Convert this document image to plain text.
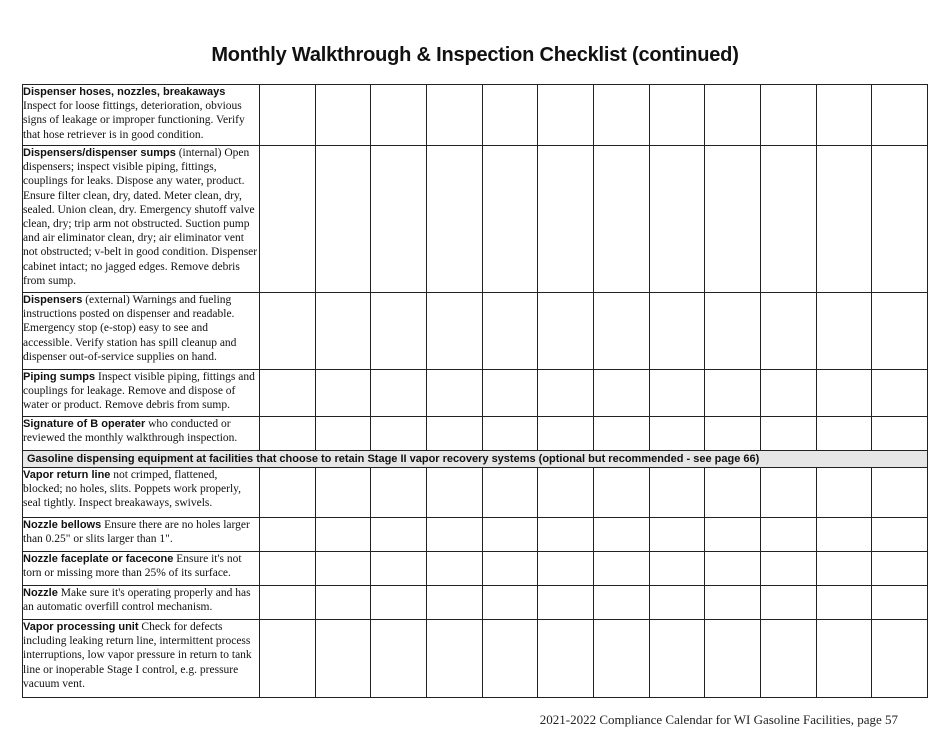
Monthly Walkthrough & Inspection Checklist (continued)
Dispenser hoses, nozzles, breakaways
Inspect for loose fittings, deterioration, obvious signs of leakage or improper functioning. Verify that hose retriever is in good condition.												
Dispensers/dispenser sumps (internal) Open dispensers; inspect visible piping, fittings, couplings for leaks. Dispose any water, product. Ensure filter clean, dry, dated. Meter clean, dry, sealed. Union clean, dry. Emergency shutoff valve clean, dry; trip arm not obstructed. Suction pump and air eliminator clean, dry; air eliminator vent not obstructed; v-belt in good condition. Dispenser cabinet intact; no jagged edges. Remove debris from sump.												
Dispensers (external) Warnings and fueling instructions posted on dispenser and readable. Emergency stop (e-stop) easy to see and accessible. Verify station has spill cleanup and dispenser out-of-service supplies on hand.												
Piping sumps Inspect visible piping, fittings and couplings for leakage. Remove and dispose of water or product. Remove debris from sump.												
Signature of B operater who conducted or reviewed the monthly walkthrough inspection.												
Gasoline dispensing equipment at facilities that choose to retain Stage II vapor recovery systems (optional but recommended - see page 66)												
Vapor return line not crimped, flattened, blocked; no holes, slits. Poppets work properly, seal tightly. Inspect breakaways, swivels.												
Nozzle bellows Ensure there are no holes larger than 0.25" or slits larger than 1".												
Nozzle faceplate or facecone Ensure it's not torn or missing more than 25% of its surface.												
Nozzle Make sure it's operating properly and has an automatic overfill control mechanism.												
Vapor processing unit Check for defects including leaking return line, intermittent process interruptions, low vapor pressure in return to tank line or inoperable Stage I control, e.g. pressure vacuum vent.												
2021-2022 Compliance Calendar for WI Gasoline Facilities, page 57
